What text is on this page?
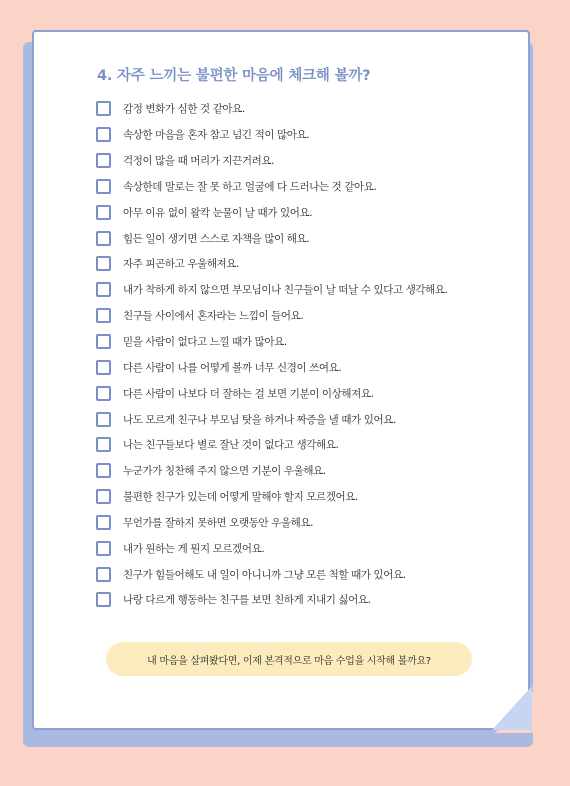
4. 자주 느끼는 불편한 마음에 체크해 볼까?
감정 변화가 심한 것 같아요.
속상한 마음을 혼자 참고 넘긴 적이 많아요.
걱정이 많을 때 머리가 지끈거려요.
속상한데 말로는 잘 못 하고 얼굴에 다 드러나는 것 같아요.
아무 이유 없이 왈칵 눈물이 날 때가 있어요.
힘든 일이 생기면 스스로 자책을 많이 해요.
자주 피곤하고 우울해져요.
내가 착하게 하지 않으면 부모님이나 친구들이 날 떠날 수 있다고 생각해요.
친구들 사이에서 혼자라는 느낌이 들어요.
믿을 사람이 없다고 느낄 때가 많아요.
다른 사람이 나를 어떻게 볼까 너무 신경이 쓰여요.
다른 사람이 나보다 더 잘하는 걸 보면 기분이 이상해져요.
나도 모르게 친구나 부모님 탓을 하거나 짜증을 낼 때가 있어요.
나는 친구들보다 별로 잘난 것이 없다고 생각해요.
누군가가 칭찬해 주지 않으면 기분이 우울해요.
불편한 친구가 있는데 어떻게 말해야 할지 모르겠어요.
무언가를 잘하지 못하면 오랫동안 우울해요.
내가 원하는 게 뭔지 모르겠어요.
친구가 힘들어해도 내 일이 아니니까 그냥 모른 척할 때가 있어요.
나랑 다르게 행동하는 친구를 보면 친하게 지내기 싫어요.
내 마음을 살펴봤다면, 이제 본격적으로 마음 수업을 시작해 볼까요?
